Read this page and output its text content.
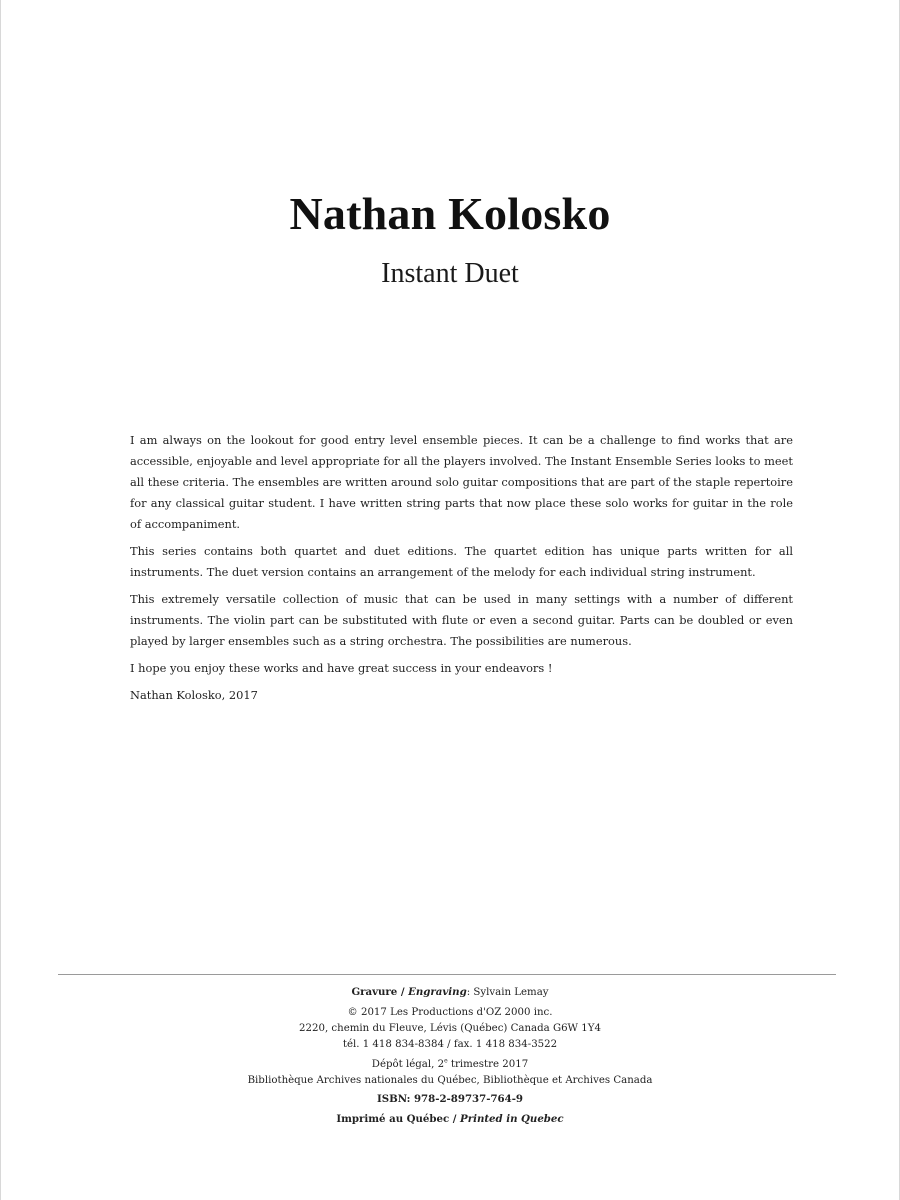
Nathan Kolosko
Instant Duet

I am always on the lookout for good entry level ensemble pieces. It can be a challenge to find works that are accessible, enjoyable and level appropriate for all the players involved. The Instant Ensemble Series looks to meet all these criteria. The ensembles are written around solo guitar compositions that are part of the staple repertoire for any classical guitar student. I have written string parts that now place these solo works for guitar in the role of accompaniment.

This series contains both quartet and duet editions. The quartet edition has unique parts written for all instruments. The duet version contains an arrangement of the melody for each individual string instrument.

This extremely versatile collection of music that can be used in many settings with a number of different instruments. The violin part can be substituted with flute or even a second guitar. Parts can be doubled or even played by larger ensembles such as a string orchestra. The possibilities are numerous.

I hope you enjoy these works and have great success in your endeavors !

Nathan Kolosko, 2017

Gravure / Engraving: Sylvain Lemay
© 2017 Les Productions d'OZ 2000 inc.
2220, chemin du Fleuve, Lévis (Québec) Canada G6W 1Y4
tél. 1 418 834-8384 / fax. 1 418 834-3522
Dépôt légal, 2e trimestre 2017
Bibliothèque Archives nationales du Québec, Bibliothèque et Archives Canada
ISBN: 978-2-89737-764-9
Imprimé au Québec / Printed in Quebec
